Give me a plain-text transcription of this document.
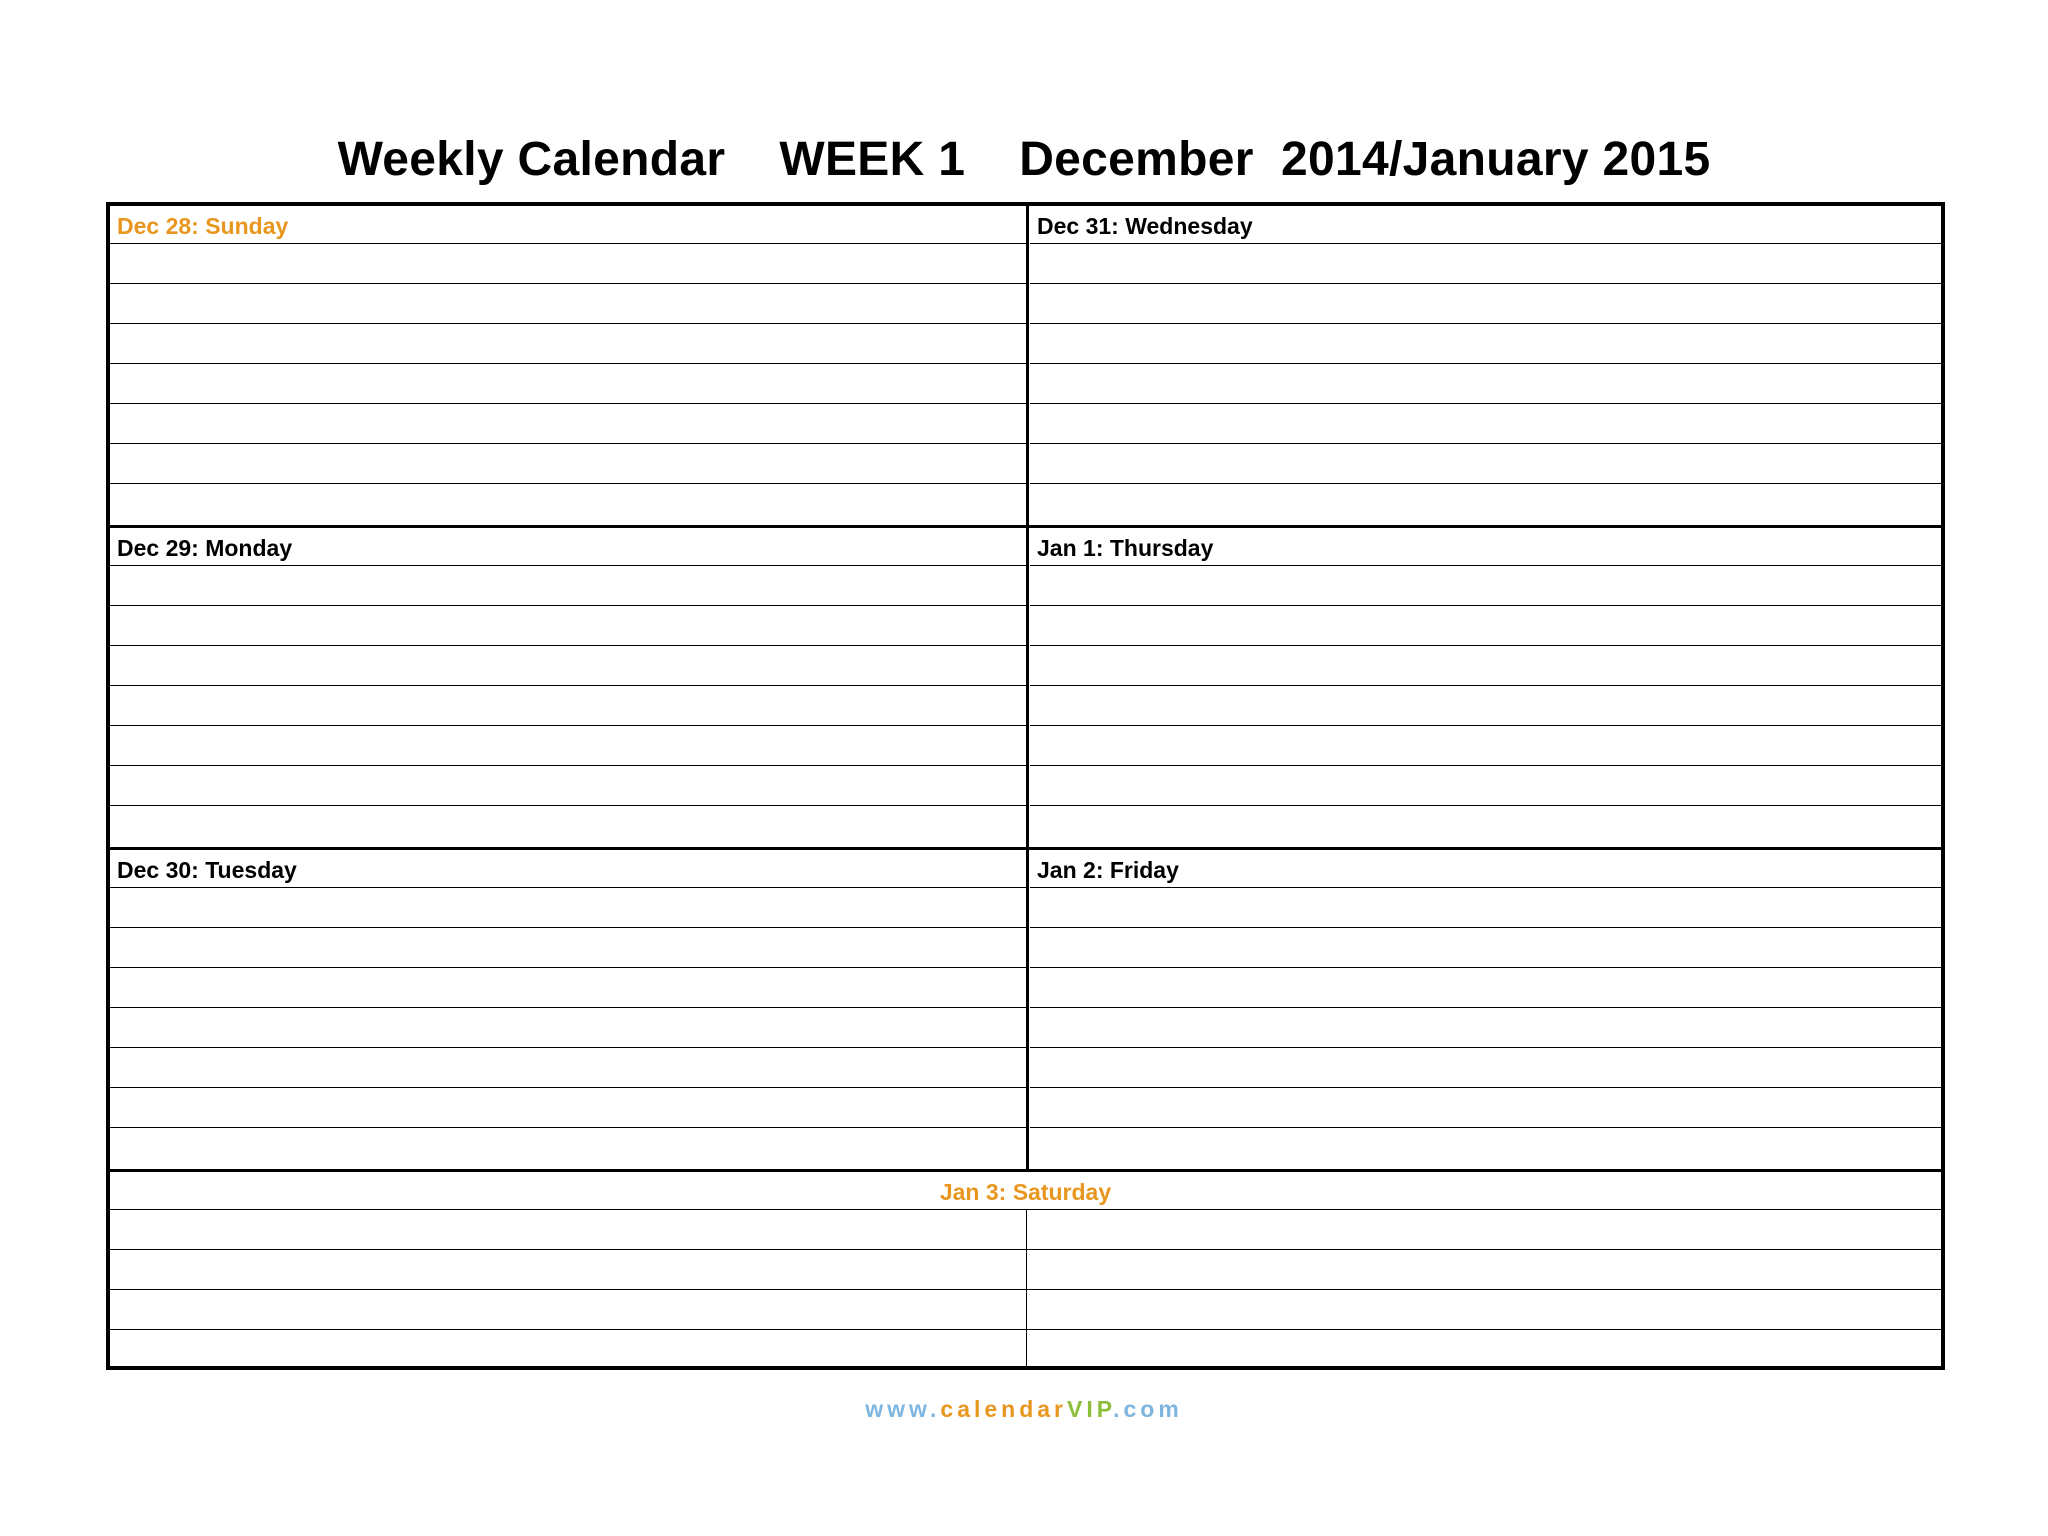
Weekly Calendar WEEK 1 December  2014/January 2015
Dec 28: Sunday
Dec 29: Monday
Dec 30: Tuesday
Dec 31: Wednesday
Jan 1: Thursday
Jan 2: Friday
Jan 3: Saturday
www.calendarVIP.com
